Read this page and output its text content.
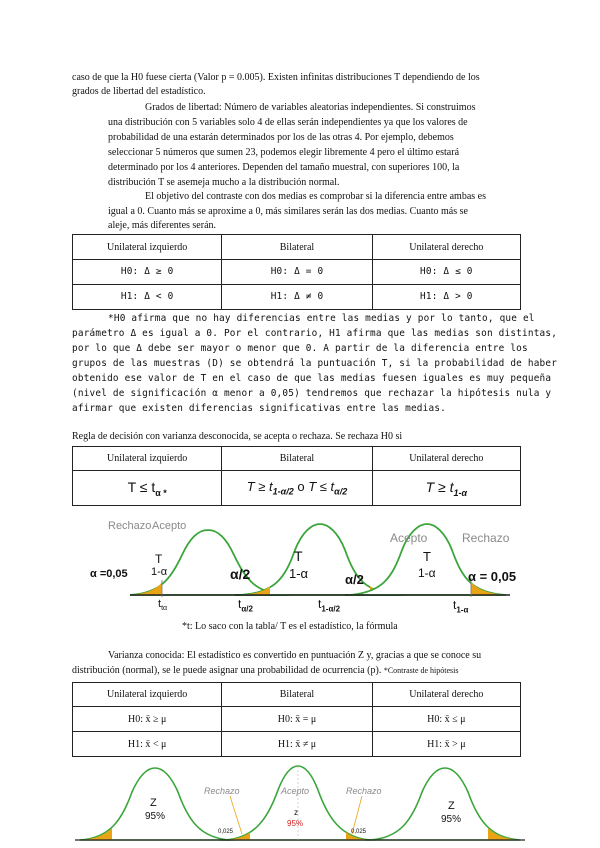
caso de que la H0 fuese cierta (Valor p = 0.005). Existen infinitas distribuciones T dependiendo de los
grados de libertad del estadístico.
Grados de libertad: Número de variables aleatorias independientes. Si construimos
una distribución con 5 variables solo 4 de ellas serán independientes ya que los valores de
probabilidad de una estarán determinados por los de las otras 4. Por ejemplo, debemos
seleccionar 5 números que sumen 23, podemos elegir libremente 4 pero el último estará
determinado por los 4 anteriores. Dependen del tamaño muestral, con superiores 100, la
distribución T se asemeja mucho a la distribución normal.
El objetivo del contraste con dos medias es comprobar si la diferencia entre ambas es
igual a 0. Cuanto más se aproxime a 0, más similares serán las dos medias. Cuanto más se
aleje, más diferentes serán.
Unilateral izquierdo	Bilateral	Unilateral derecho
H0: Δ ≥ 0	H0: Δ = 0	H0: Δ ≤ 0
H1: Δ < 0	H1: Δ ≠ 0	H1: Δ > 0
*H0 afirma que no hay diferencias entre las medias y por lo tanto, que el
parámetro Δ es igual a 0. Por el contrario, H1 afirma que las medias son distintas,
por lo que Δ debe ser mayor o menor que 0. A partir de la diferencia entre los
grupos de las muestras (D) se obtendrá la puntuación T, si la probabilidad de haber
obtenido ese valor de T en el caso de que las medias fuesen iguales es muy pequeña
(nivel de significación α menor a 0,05) tendremos que rechazar la hipótesis nula y
afirmar que existen diferencias significativas entre las medias.
Regla de decisión con varianza desconocida, se acepta o rechaza. Se rechaza H0 si
Unilateral izquierdo	Bilateral	Unilateral derecho
$T \le t_{\alpha *}$	$T \ge t_{1-\alpha/2}$ o $T \le t_{\alpha/2}$	$T \ge t_{1-\alpha}$
Rechazo Acepto
T
1-α
α =0,05
$t_{t\alpha}$
T
1-α
α/2	α/2
$t_{\alpha/2}$	$t_{1-\alpha/2}$
Acepto	Rechazo
T
1-α α = 0,05
$t_{1-\alpha}$
*t: Lo saco con la tabla/ T es el estadístico, la fórmula
Varianza conocida: El estadístico es convertido en puntuación Z y, gracias a que se conoce su
distribución (normal), se le puede asignar una probabilidad de ocurrencia (p). *Contraste de hipótesis
Unilateral izquierdo	Bilateral	Unilateral derecho
H0: x̄ ≥ μ	H0: x̄ = μ	H0: x̄ ≤ μ
H1: x̄ < μ	H1: x̄ ≠ μ	H1: x̄ > μ
Z
95%
Rechazo	Acepto	Rechazo
z
95%
0,025	0,025
Z
95%
